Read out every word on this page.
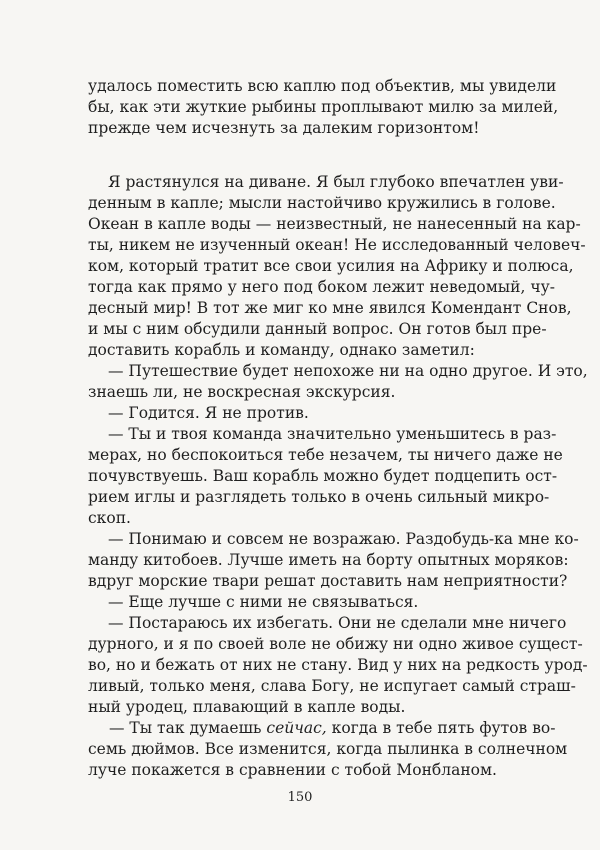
удалось поместить всю каплю под объектив, мы увидели
бы, как эти жуткие рыбины проплывают милю за милей,
прежде чем исчезнуть за далеким горизонтом!
Я растянулся на диване. Я был глубоко впечатлен уви-
денным в капле; мысли настойчиво кружились в голове.
Океан в капле воды — неизвестный, не нанесенный на кар-
ты, никем не изученный океан! Не исследованный человеч-
ком, который тратит все свои усилия на Африку и полюса,
тогда как прямо у него под боком лежит неведомый, чу-
десный мир! В тот же миг ко мне явился Комендант Снов,
и мы с ним обсудили данный вопрос. Он готов был пре-
доставить корабль и команду, однако заметил:
— Путешествие будет непохоже ни на одно другое. И это,
знаешь ли, не воскресная экскурсия.
— Годится. Я не против.
— Ты и твоя команда значительно уменьшитесь в раз-
мерах, но беспокоиться тебе незачем, ты ничего даже не
почувствуешь. Ваш корабль можно будет подцепить ост-
рием иглы и разглядеть только в очень сильный микро-
скоп.
— Понимаю и совсем не возражаю. Раздобудь-ка мне ко-
манду китобоев. Лучше иметь на борту опытных моряков:
вдруг морские твари решат доставить нам неприятности?
— Еще лучше с ними не связываться.
— Постараюсь их избегать. Они не сделали мне ничего
дурного, и я по своей воле не обижу ни одно живое сущест-
во, но и бежать от них не стану. Вид у них на редкость урод-
ливый, только меня, слава Богу, не испугает самый страш-
ный уродец, плавающий в капле воды.
— Ты так думаешь сейчас, когда в тебе пять футов во-
семь дюймов. Все изменится, когда пылинка в солнечном
луче покажется в сравнении с тобой Монбланом.
150
